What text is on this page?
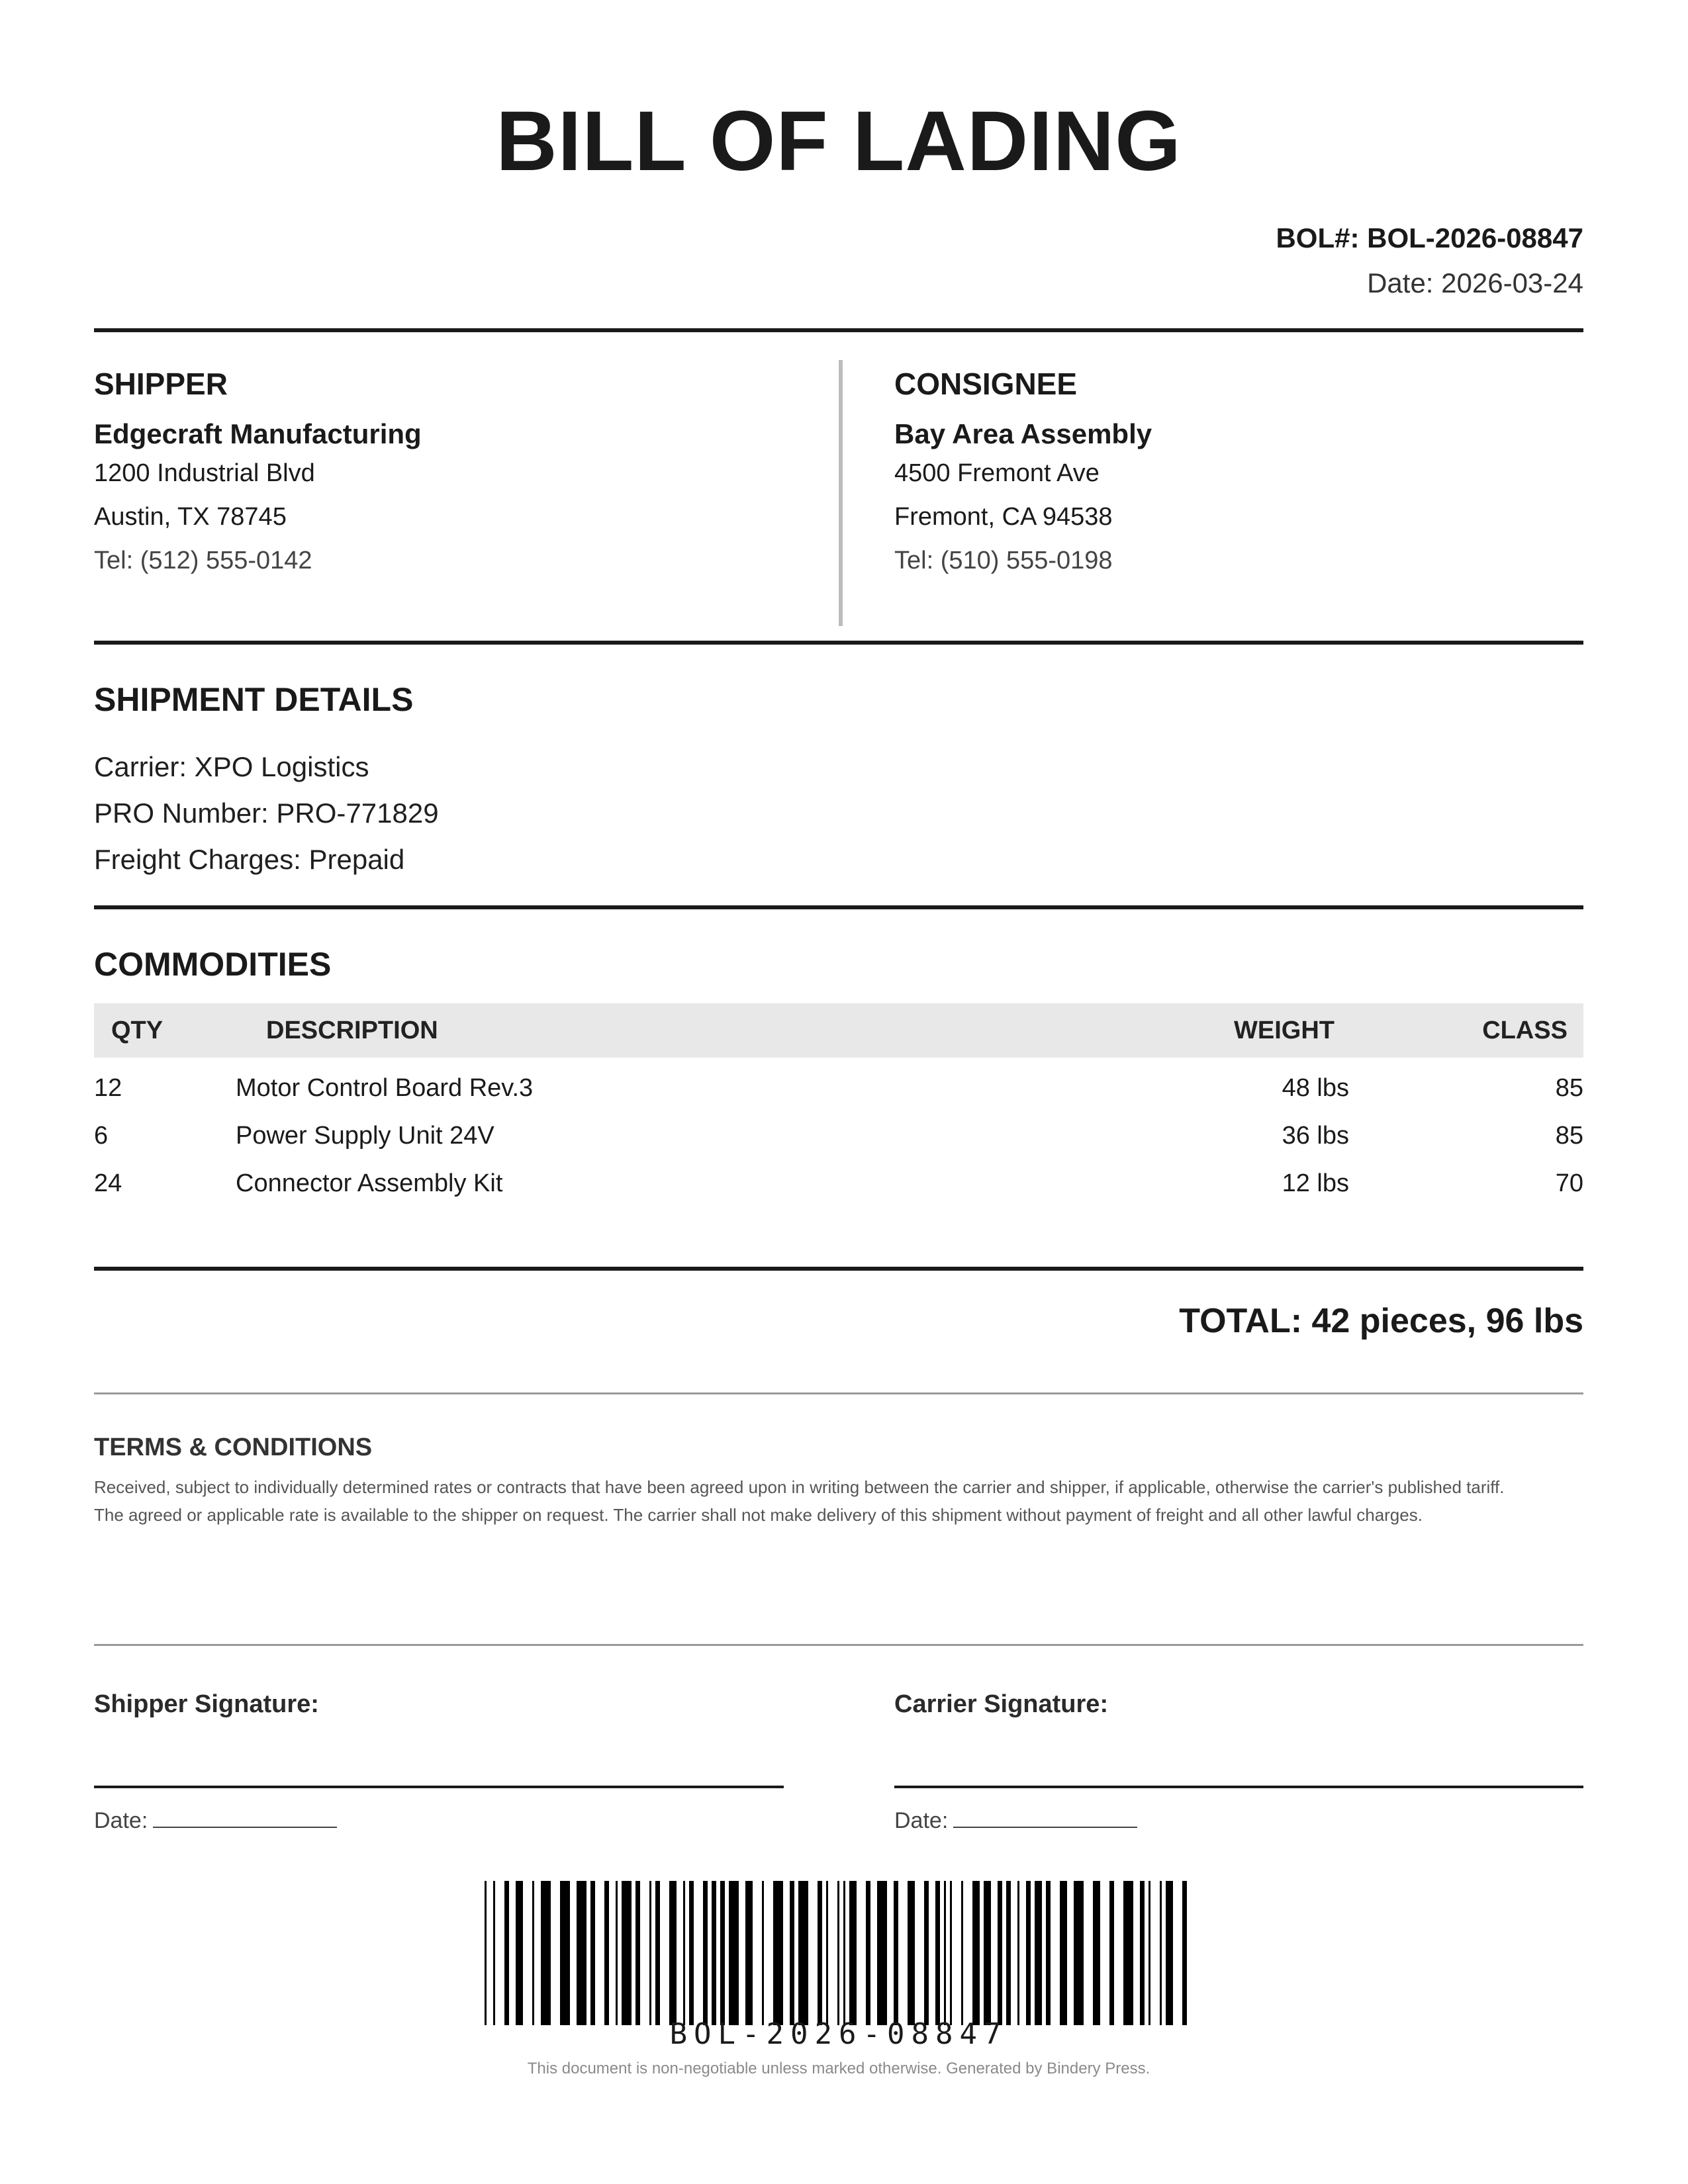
BILL OF LADING
BOL#: BOL-2026-08847
Date: 2026-03-24
SHIPPER
Edgecraft Manufacturing
1200 Industrial Blvd
Austin, TX 78745
Tel: (512) 555-0142
CONSIGNEE
Bay Area Assembly
4500 Fremont Ave
Fremont, CA 94538
Tel: (510) 555-0198
SHIPMENT DETAILS
Carrier: XPO Logistics
PRO Number: PRO-771829
Freight Charges: Prepaid
COMMODITIES
QTY	DESCRIPTION	WEIGHT	CLASS
12	Motor Control Board Rev.3	48 lbs	85
6	Power Supply Unit 24V	36 lbs	85
24	Connector Assembly Kit	12 lbs	70
TOTAL: 42 pieces, 96 lbs
TERMS & CONDITIONS
Received, subject to individually determined rates or contracts that have been agreed upon in writing between the carrier and shipper, if applicable, otherwise the carrier's published tariff.
The agreed or applicable rate is available to the shipper on request. The carrier shall not make delivery of this shipment without payment of freight and all other lawful charges.
Shipper Signature:
Date:
Carrier Signature:
Date:
BOL-2026-08847
This document is non-negotiable unless marked otherwise. Generated by Bindery Press.
